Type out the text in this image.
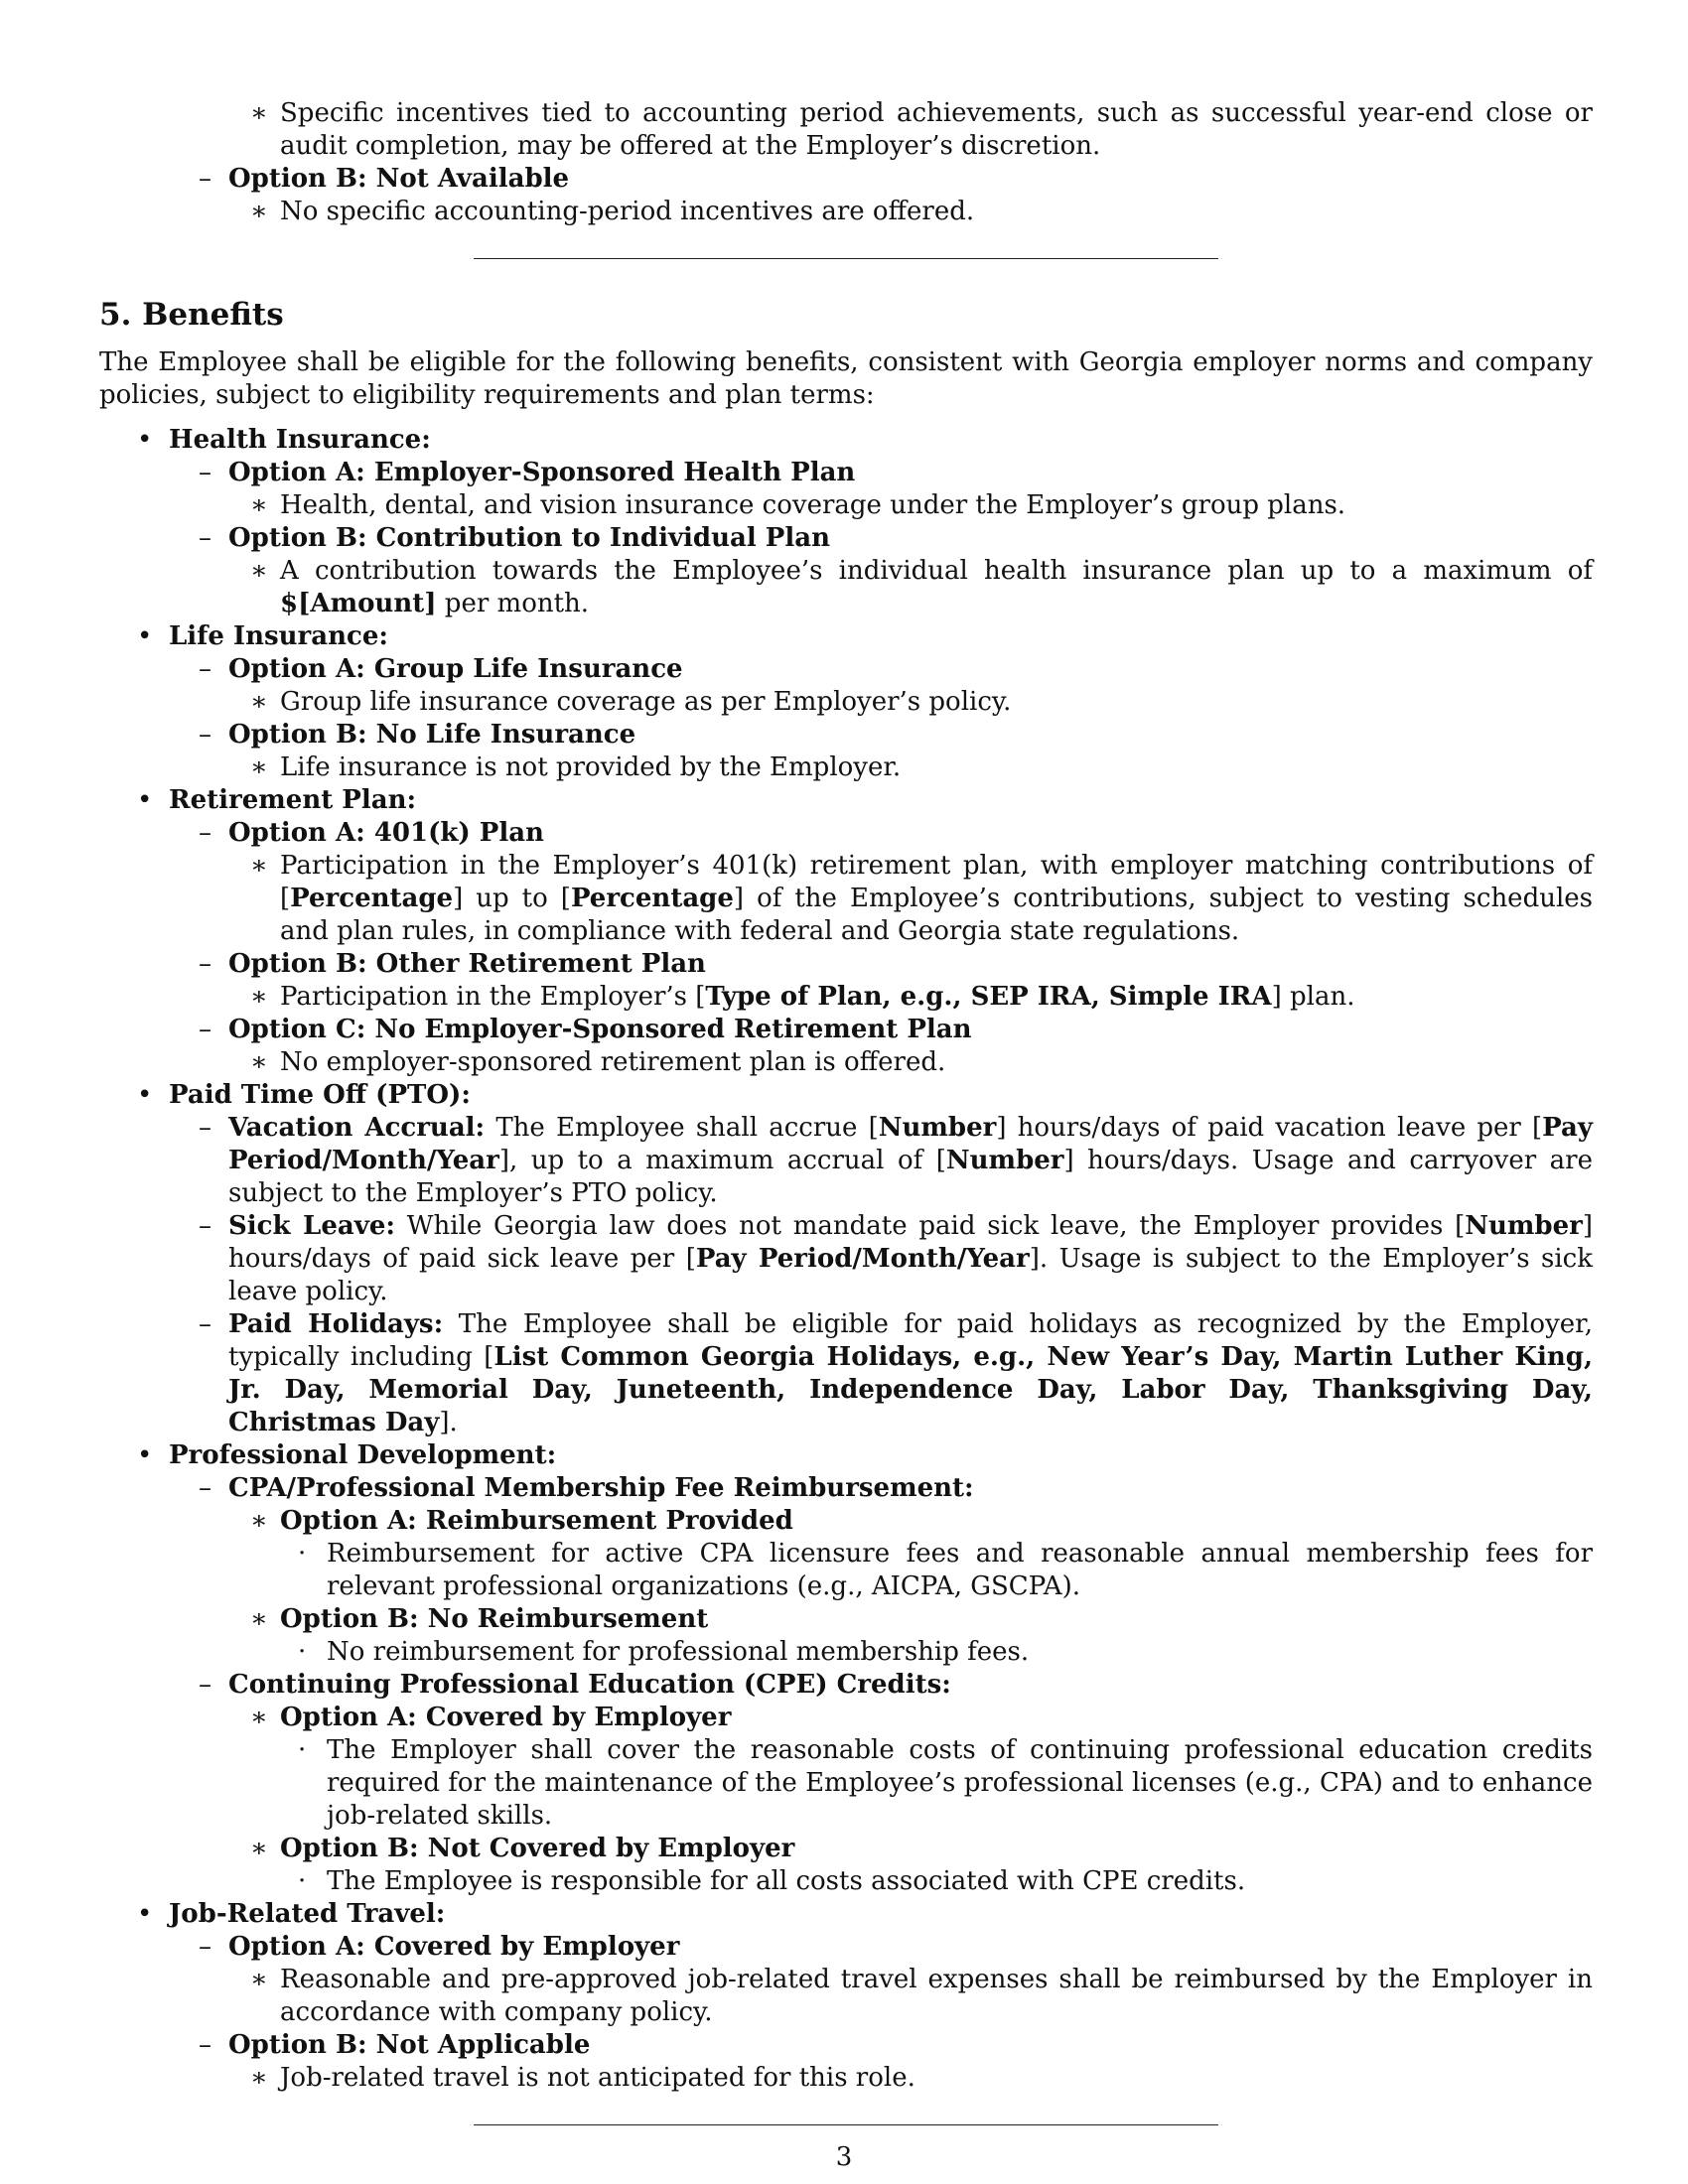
∗ Specific incentives tied to accounting period achievements, such as successful year-end close or audit completion, may be offered at the Employer’s discretion.
– Option B: Not Available
∗ No specific accounting-period incentives are offered.
5. Benefits
The Employee shall be eligible for the following benefits, consistent with Georgia employer norms and company policies, subject to eligibility requirements and plan terms:
• Health Insurance:
– Option A: Employer-Sponsored Health Plan
∗ Health, dental, and vision insurance coverage under the Employer’s group plans.
– Option B: Contribution to Individual Plan
∗ A contribution towards the Employee’s individual health insurance plan up to a maximum of $[Amount] per month.
• Life Insurance:
– Option A: Group Life Insurance
∗ Group life insurance coverage as per Employer’s policy.
– Option B: No Life Insurance
∗ Life insurance is not provided by the Employer.
• Retirement Plan:
– Option A: 401(k) Plan
∗ Participation in the Employer’s 401(k) retirement plan, with employer matching contributions of [Percentage] up to [Percentage] of the Employee’s contributions, subject to vesting schedules and plan rules, in compliance with federal and Georgia state regulations.
– Option B: Other Retirement Plan
∗ Participation in the Employer’s [Type of Plan, e.g., SEP IRA, Simple IRA] plan.
– Option C: No Employer-Sponsored Retirement Plan
∗ No employer-sponsored retirement plan is offered.
• Paid Time Off (PTO):
– Vacation Accrual: The Employee shall accrue [Number] hours/days of paid vacation leave per [Pay Period/Month/Year], up to a maximum accrual of [Number] hours/days. Usage and carryover are subject to the Employer’s PTO policy.
– Sick Leave: While Georgia law does not mandate paid sick leave, the Employer provides [Number] hours/days of paid sick leave per [Pay Period/Month/Year]. Usage is subject to the Employer’s sick leave policy.
– Paid Holidays: The Employee shall be eligible for paid holidays as recognized by the Employer, typically including [List Common Georgia Holidays, e.g., New Year’s Day, Martin Luther King, Jr. Day, Memorial Day, Juneteenth, Independence Day, Labor Day, Thanksgiving Day, Christmas Day].
• Professional Development:
– CPA/Professional Membership Fee Reimbursement:
∗ Option A: Reimbursement Provided
· Reimbursement for active CPA licensure fees and reasonable annual membership fees for relevant professional organizations (e.g., AICPA, GSCPA).
∗ Option B: No Reimbursement
· No reimbursement for professional membership fees.
– Continuing Professional Education (CPE) Credits:
∗ Option A: Covered by Employer
· The Employer shall cover the reasonable costs of continuing professional education credits required for the maintenance of the Employee’s professional licenses (e.g., CPA) and to enhance job-related skills.
∗ Option B: Not Covered by Employer
· The Employee is responsible for all costs associated with CPE credits.
• Job-Related Travel:
– Option A: Covered by Employer
∗ Reasonable and pre-approved job-related travel expenses shall be reimbursed by the Employer in accordance with company policy.
– Option B: Not Applicable
∗ Job-related travel is not anticipated for this role.
3
